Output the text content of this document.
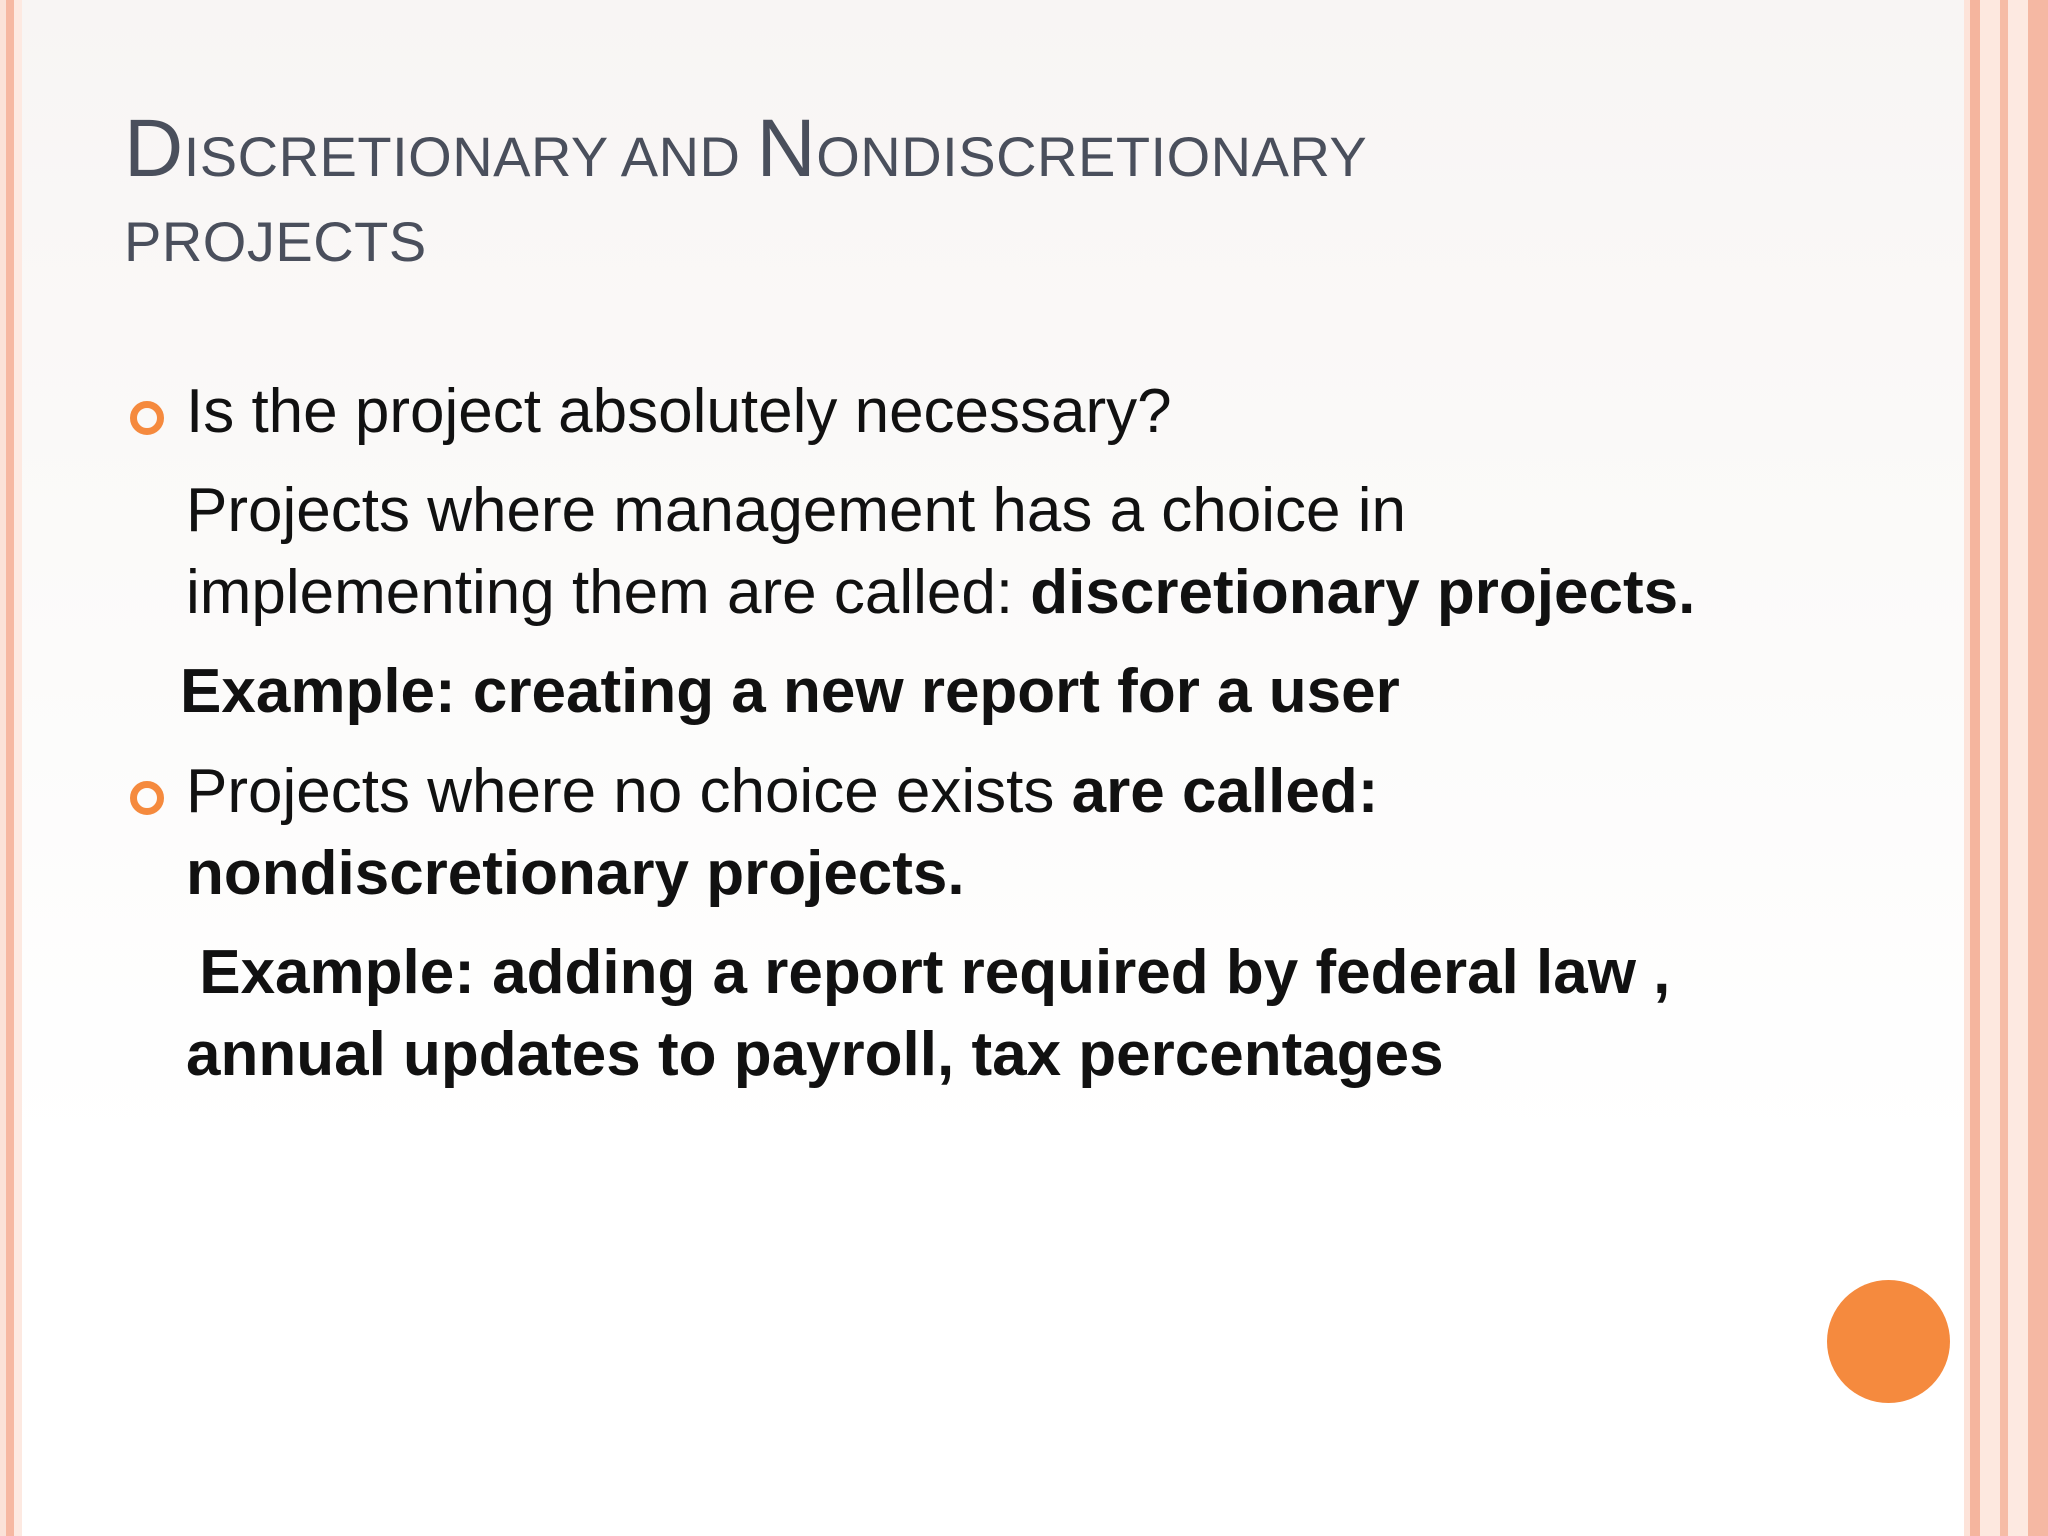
DISCRETIONARY AND NONDISCRETIONARY
PROJECTS

Is the project absolutely necessary?

Projects where management has a choice in

implementing them are called: discretionary projects.

Example: creating a new report for a user

Projects where no choice exists are called:

nondiscretionary projects.

Example: adding a report required by federal law ,

annual updates to payroll, tax percentages
